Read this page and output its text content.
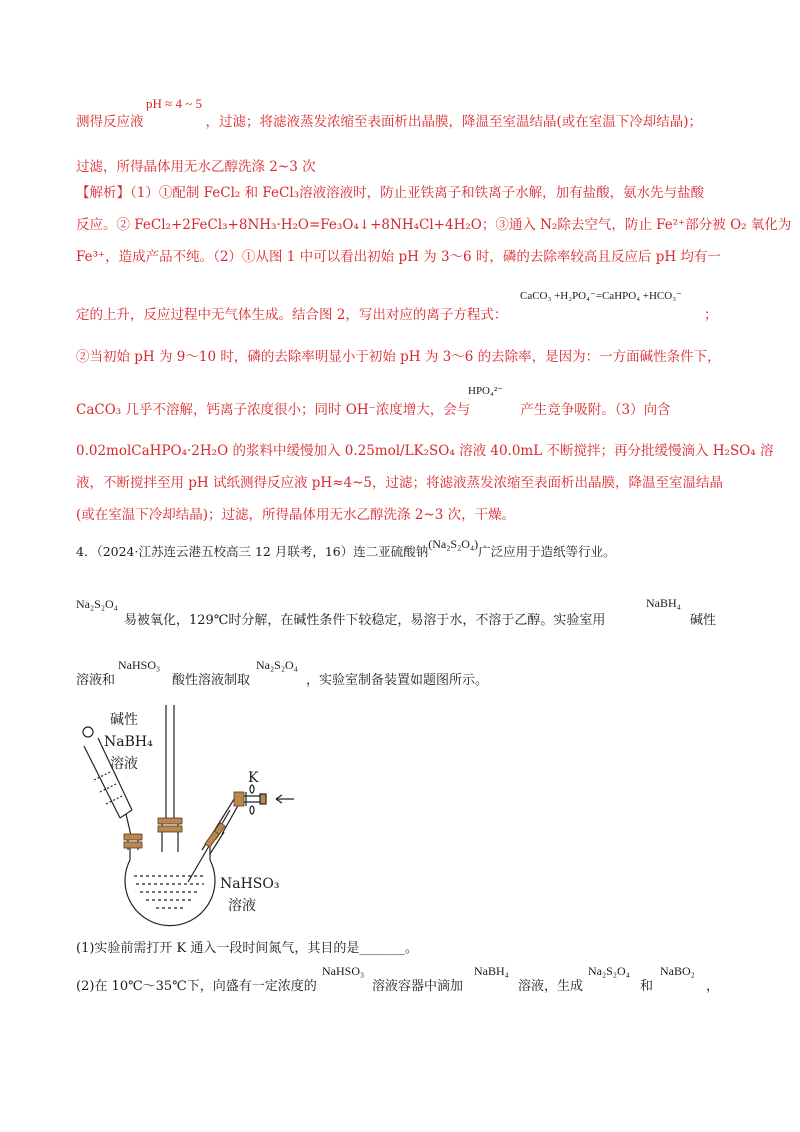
pH ≈ 4 ~ 5
测得反应液	，过滤；将滤液蒸发浓缩至表面析出晶膜，降温至室温结晶(或在室温下冷却结晶)；
过滤，所得晶体用无水乙醇洗涤 2~3 次
【解析】（1）①配制 FeCl₂ 和 FeCl₃溶液溶液时，防止亚铁离子和铁离子水解，加有盐酸，氨水先与盐酸
反应。② FeCl₂+2FeCl₃+8NH₃·H₂O=Fe₃O₄↓+8NH₄Cl+4H₂O；③通入 N₂除去空气，防止 Fe²⁺部分被 O₂ 氧化为
Fe³⁺，造成产品不纯。（2）①从图 1 中可以看出初始 pH 为 3～6 时，磷的去除率较高且反应后 pH 均有一
CaCO₃ +H₂PO₄⁻=CaHPO₄ +HCO₃⁻
定的上升，反应过程中无气体生成。结合图 2，写出对应的离子方程式：	；
②当初始 pH 为 9～10 时，磷的去除率明显小于初始 pH 为 3～6 的去除率，是因为：一方面碱性条件下，
HPO₄²⁻
CaCO₃ 几乎不溶解，钙离子浓度很小；同时 OH⁻浓度增大，会与	产生竞争吸附。（3）向含
0.02molCaHPO₄·2H₂O 的浆料中缓慢加入 0.25mol/LK₂SO₄ 溶液 40.0mL 不断搅拌；再分批缓慢滴入 H₂SO₄ 溶
液，不断搅拌至用 pH 试纸测得反应液 pH≈4~5，过滤；将滤液蒸发浓缩至表面析出晶膜，降温至室温结晶
(或在室温下冷却结晶)；过滤，所得晶体用无水乙醇洗涤 2~3 次，干燥。
4．（2024·江苏连云港五校高三 12 月联考，16）连二亚硫酸钠(Na₂S₂O₄)广泛应用于造纸等行业。
Na₂S₂O₄
易被氧化，129℃时分解，在碱性条件下较稳定，易溶于水，不溶于乙醇。实验室用
NaBH₄
碱性
溶液和
NaHSO₃
酸性溶液制取
Na₂S₂O₄
，实验室制备装置如题图所示。
碱性
NaBH₄
溶液
K
NaHSO₃
溶液
(1)实验前需打开 K 通入一段时间氮气，其目的是_______。
(2)在 10℃～35℃下，向盛有一定浓度的
NaHSO₃
溶液容器中滴加
NaBH₄
溶液，生成
Na₂S₂O₄
和
NaBO₂
，
